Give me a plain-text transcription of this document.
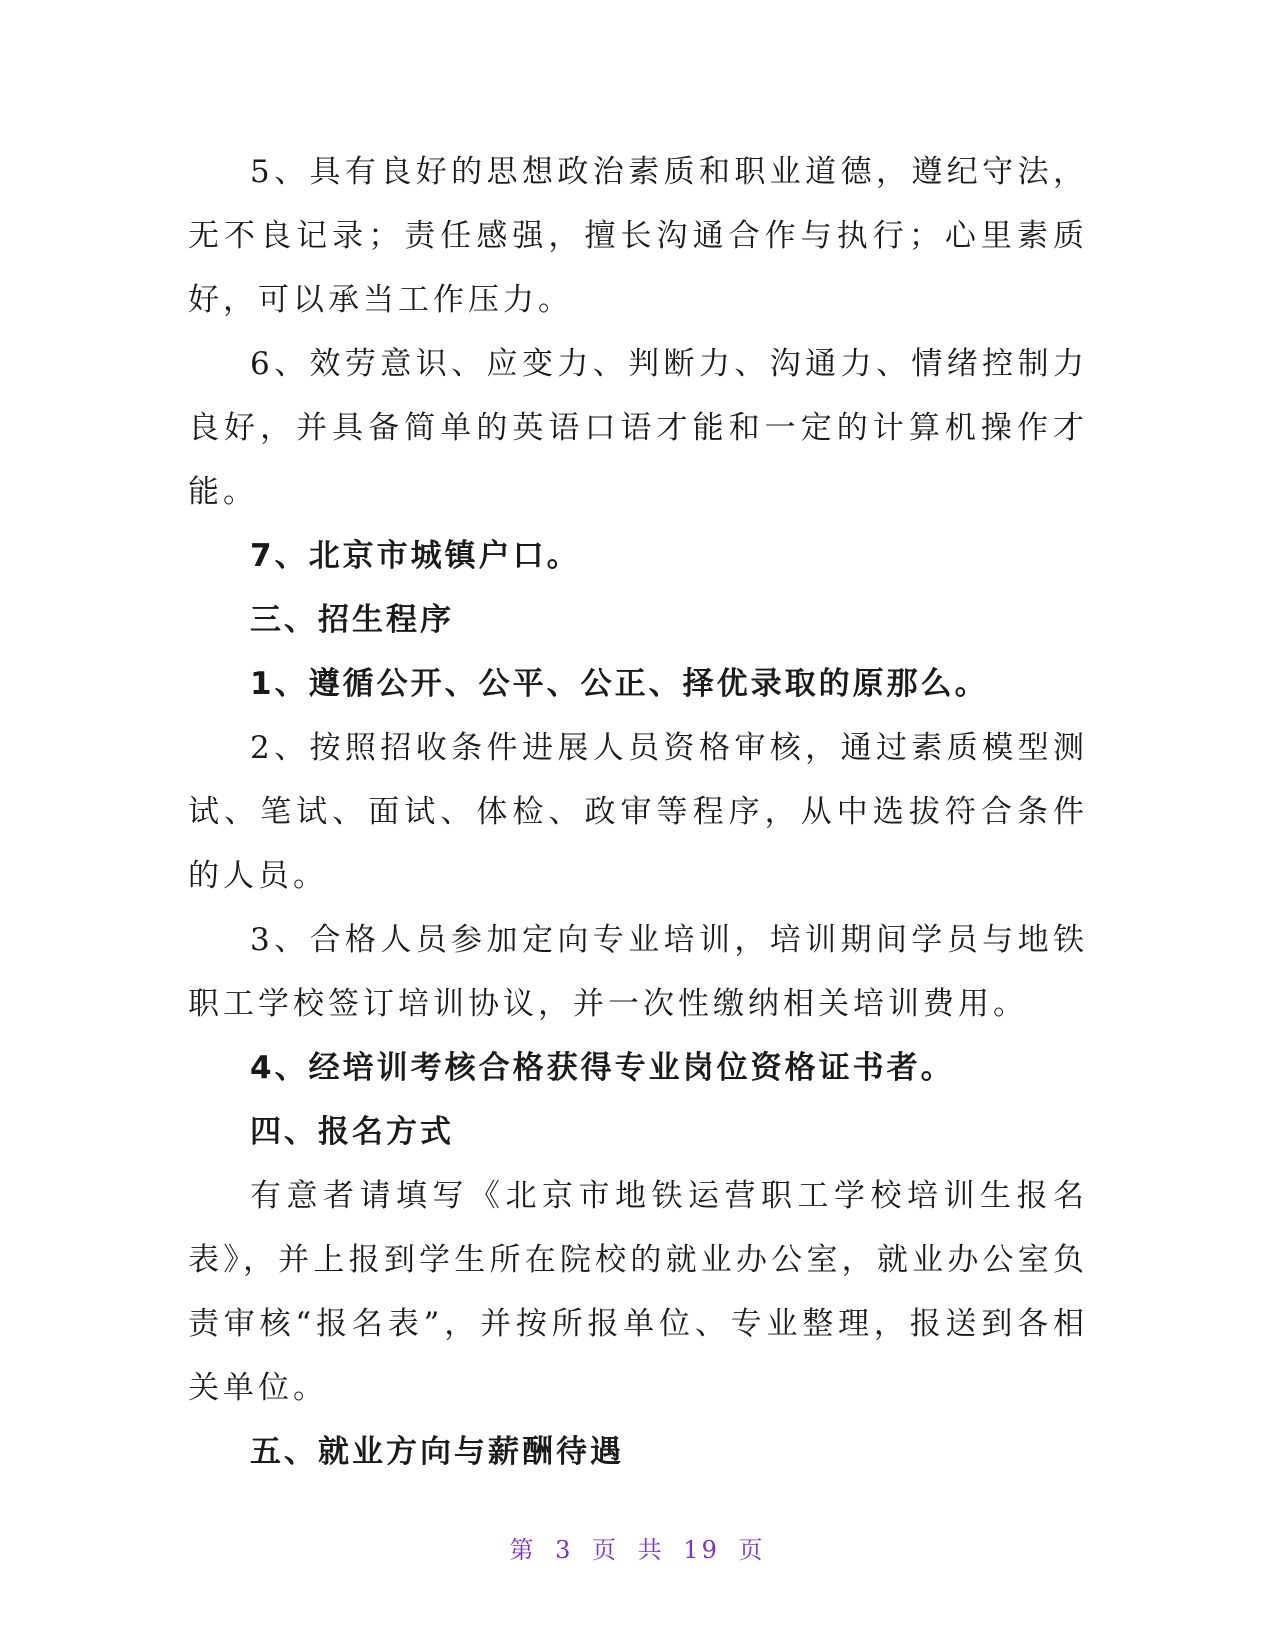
5、具有良好的思想政治素质和职业道德，遵纪守法，无不良记录；责任感强，擅长沟通合作与执行；心里素质好，可以承当工作压力。

6、效劳意识、应变力、判断力、沟通力、情绪控制力良好，并具备简单的英语口语才能和一定的计算机操作才能。

7、北京市城镇户口。

三、招生程序

1、遵循公开、公平、公正、择优录取的原那么。

2、按照招收条件进展人员资格审核，通过素质模型测试、笔试、面试、体检、政审等程序，从中选拔符合条件的人员。

3、合格人员参加定向专业培训，培训期间学员与地铁职工学校签订培训协议，并一次性缴纳相关培训费用。

4、经培训考核合格获得专业岗位资格证书者。

四、报名方式

有意者请填写《北京市地铁运营职工学校培训生报名表》，并上报到学生所在院校的就业办公室，就业办公室负责审核“报名表”，并按所报单位、专业整理，报送到各相关单位。

五、就业方向与薪酬待遇

第 3 页 共 19 页
